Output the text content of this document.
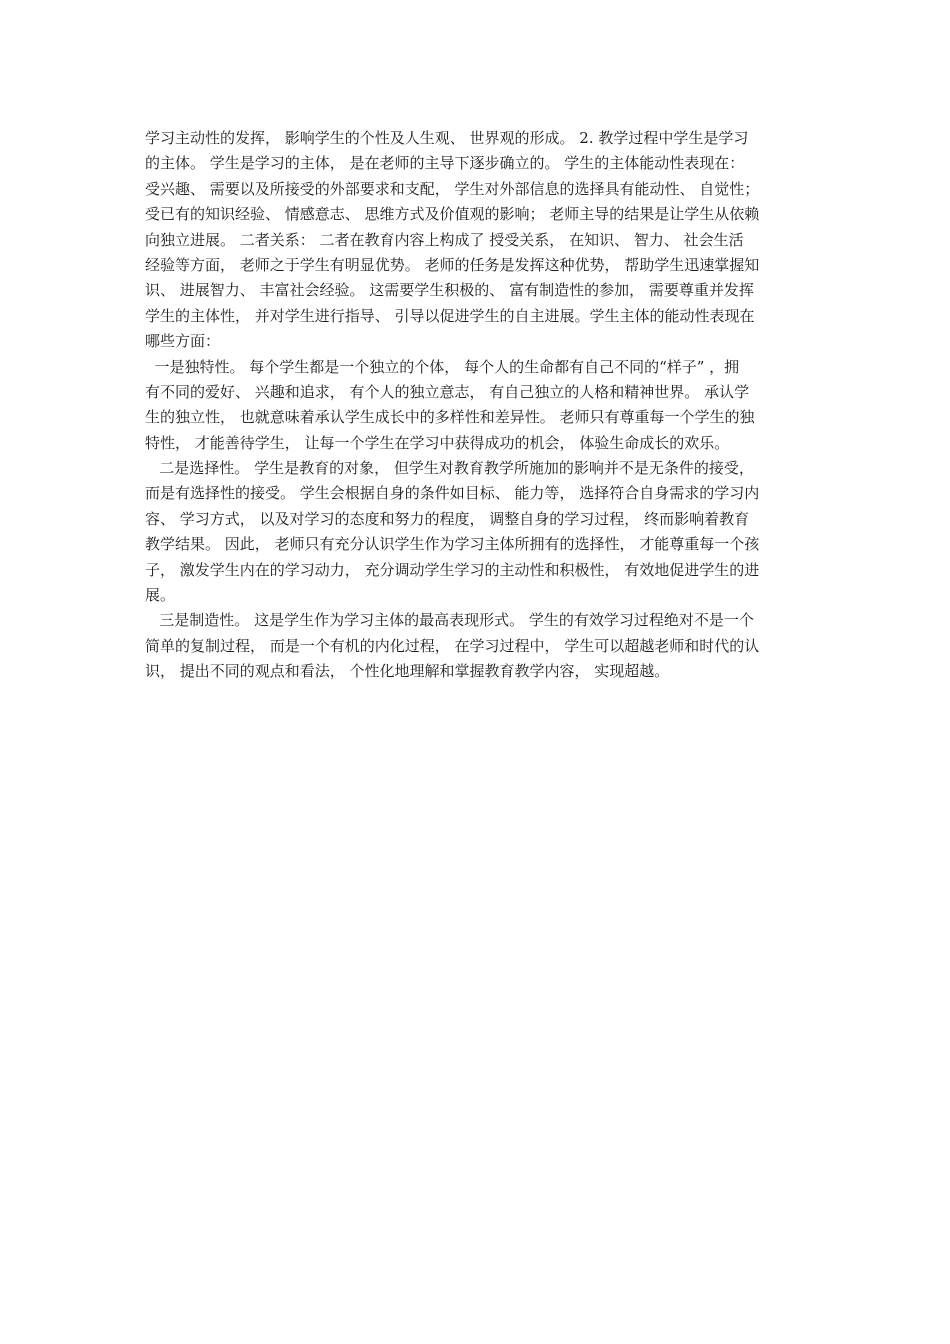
学习主动性的发挥， 影响学生的个性及人生观、 世界观的形成。 2. 教学过程中学生是学习
的主体。 学生是学习的主体， 是在老师的主导下逐步确立的。 学生的主体能动性表现在：
受兴趣、 需要以及所接受的外部要求和支配， 学生对外部信息的选择具有能动性、 自觉性；
受已有的知识经验、 情感意志、 思维方式及价值观的影响； 老师主导的结果是让学生从依赖
向独立进展。 二者关系： 二者在教育内容上构成了 授受关系， 在知识、 智力、 社会生活
经验等方面， 老师之于学生有明显优势。 老师的任务是发挥这种优势， 帮助学生迅速掌握知
识、 进展智力、 丰富社会经验。 这需要学生积极的、 富有制造性的参加， 需要尊重并发挥
学生的主体性， 并对学生进行指导、 引导以促进学生的自主进展。学生主体的能动性表现在
哪些方面：
一是独特性。 每个学生都是一个独立的个体， 每个人的生命都有自己不同的“样子” ，拥
有不同的爱好、 兴趣和追求， 有个人的独立意志， 有自己独立的人格和精神世界。 承认学
生的独立性， 也就意味着承认学生成长中的多样性和差异性。 老师只有尊重每一个学生的独
特性， 才能善待学生， 让每一个学生在学习中获得成功的机会， 体验生命成长的欢乐。
二是选择性。 学生是教育的对象， 但学生对教育教学所施加的影响并不是无条件的接受，
而是有选择性的接受。 学生会根据自身的条件如目标、 能力等， 选择符合自身需求的学习内
容、 学习方式， 以及对学习的态度和努力的程度， 调整自身的学习过程， 终而影响着教育
教学结果。 因此， 老师只有充分认识学生作为学习主体所拥有的选择性， 才能尊重每一个孩
子， 激发学生内在的学习动力， 充分调动学生学习的主动性和积极性， 有效地促进学生的进
展。
三是制造性。 这是学生作为学习主体的最高表现形式。 学生的有效学习过程绝对不是一个
简单的复制过程， 而是一个有机的内化过程， 在学习过程中， 学生可以超越老师和时代的认
识， 提出不同的观点和看法， 个性化地理解和掌握教育教学内容， 实现超越。
